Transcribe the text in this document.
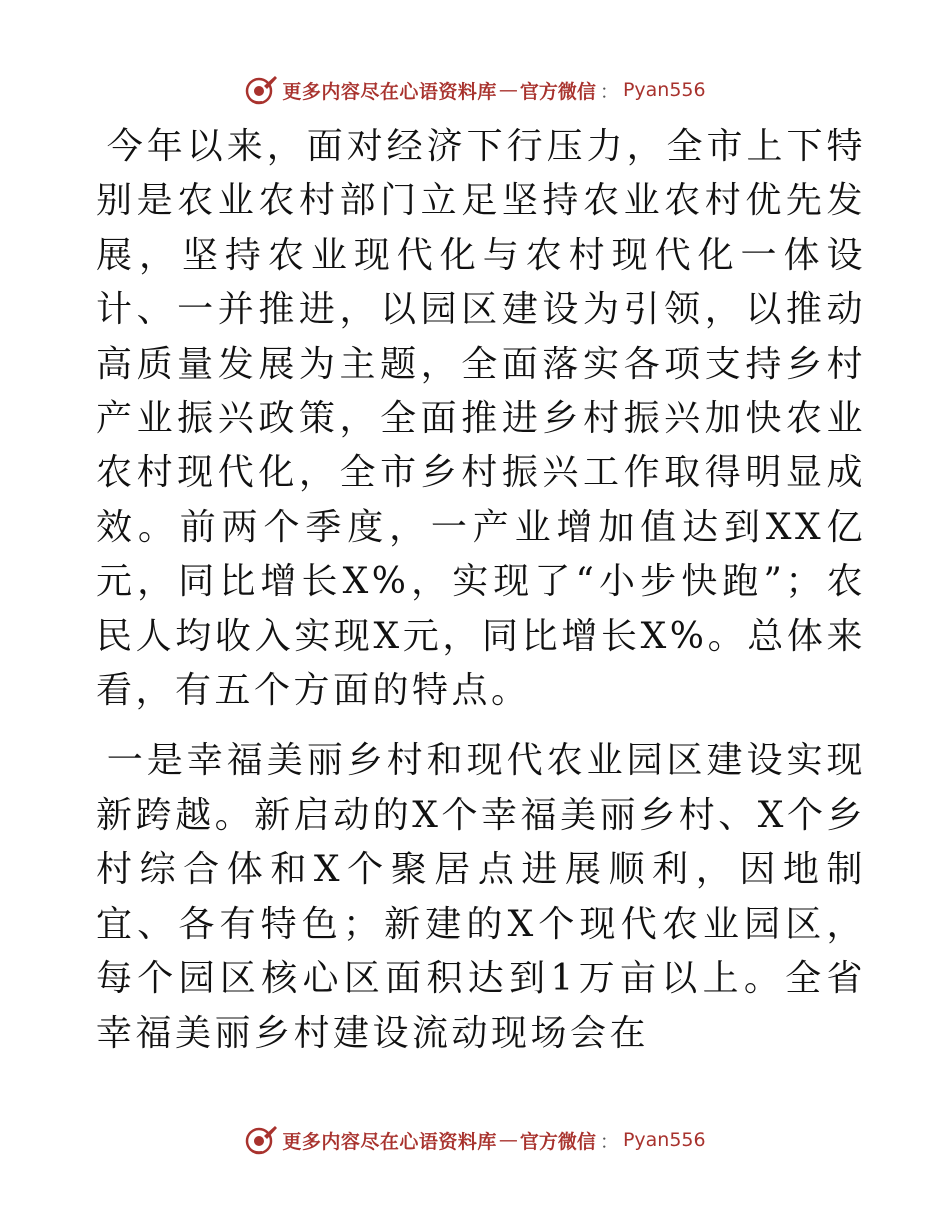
更多内容尽在心语资料库 — 官方微信 ： Pyan556

今年以来，面对经济下行压力，全市上下特别是农业农村部门立足坚持农业农村优先发展，坚持农业现代化与农村现代化一体设计、一并推进，以园区建设为引领，以推动高质量发展为主题，全面落实各项支持乡村产业振兴政策，全面推进乡村振兴加快农业农村现代化，全市乡村振兴工作取得明显成效。前两个季度，一产业增加值达到XX亿元，同比增长X%，实现了“小步快跑”；农民人均收入实现X元，同比增长X%。总体来看，有五个方面的特点。

一是幸福美丽乡村和现代农业园区建设实现新跨越。新启动的X个幸福美丽乡村、X个乡村综合体和X个聚居点进展顺利，因地制宜、各有特色；新建的X个现代农业园区，每个园区核心区面积达到1万亩以上。全省幸福美丽乡村建设流动现场会在

更多内容尽在心语资料库 — 官方微信 ： Pyan556
